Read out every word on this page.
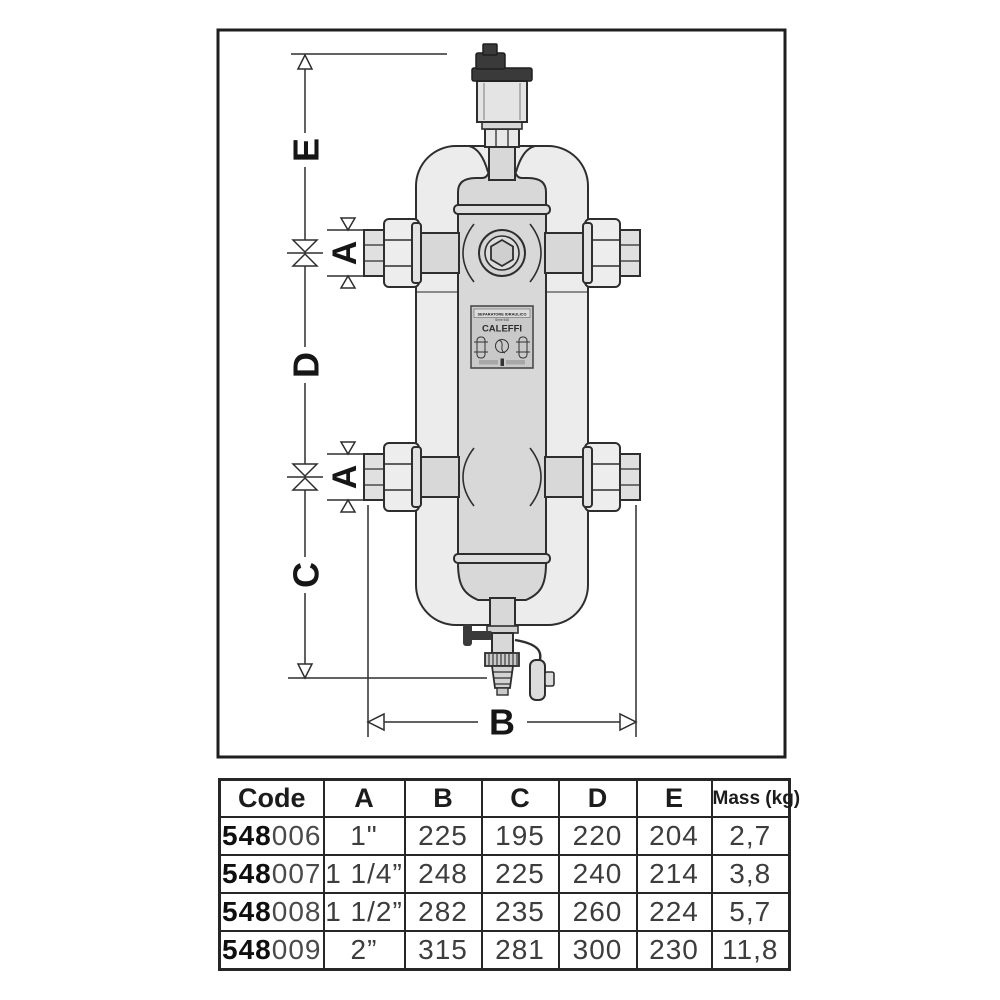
E
D
C
A
A
SEPARATORE IDRAULICO
Serie 548
CALEFFI
B
Code	A	B	C	D	E	Mass (kg)
548006	1"	225	195	220	204	2,7
548007	1 1/4”	248	225	240	214	3,8
548008	1 1/2”	282	235	260	224	5,7
548009	2”	315	281	300	230	11,8
